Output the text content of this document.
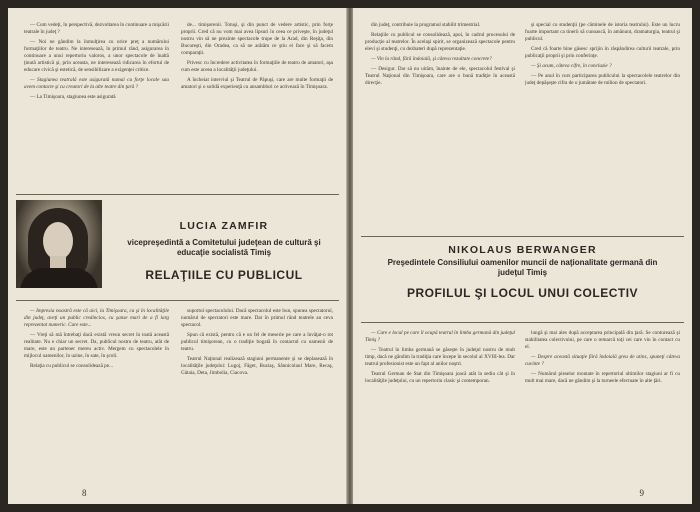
— Cum vedeţi, în perspectivă, dezvoltarea în continuare a mişcării teatrale în judeţ ?

— Noi ne gândim la înmulţirea cu orice preţ a numărului formaţiilor de teatru. Ne interesează, în primul rând, asigurarea în continuare a unui repertoriu valoros, a unor spectacole de înaltă ţinută artistică şi, prin aceasta, ne interesează ridicarea în efortul de educare civică şi estetică, de sensibilizare a exigenţei critice.

— Stagiunea teatrală este asigurată numai cu forţe locale sau avem contacte şi cu creatori de la alte teatre din ţară ?

— La Timişoara, stagiunea este asigurată

de... timişorenii. Totuşi, şi din punct de vedere artistic, prin forţe proprii. Cred că nu vom mai avea lipsuri în ceea ce priveşte, în judeţul nostru vin să ne prezinte spectacole trupe de la Arad, din Reşiţa, din Bucureşti, din Oradea, ca să ne arătăm ce ştiu ei face şi să facem comparaţii.

Privesc cu încredere activitatea în formaţiile de teatru de amatori, aşa cum este aceea a localităţii judeţului.

A încheiat interviul şi Teatrul de Păpuşi, care are multe formaţii de amatori şi o solidă experienţă cu ansambluri ce activează în Timişoara.

LUCIA ZAMFIR
vicepreşedintă a Comitetului judeţean de cultură şi
educaţie socialistă Timiş
RELAŢIILE CU PUBLICUL

— Impresia noastră este că aici, la Timişoara, ca şi în localităţile din judeţ, aveţi un public credincios, cu şanse mari de a fi larg reprezentat numeric. Care este...

— Vreţi să mă întrebaţi dacă există vreun secret în toată această realitate. Nu e chiar un secret. Da, publicul nostru de teatru, atât de mare, este un partener mereu activ. Mergem cu spectacolele în mijlocul oamenilor, în uzine, în sate, în şcoli.

Relaţia cu publicul se consolidează pe...

suportul spectacolului. Dacă spectacolul este bun, spunea spectatorul, numărul de spectatori este mare. Dar în primul rând teatrele au ceva spectacol.

Spun că există, pentru că e un fel de meserie pe care a învăţat-o tot publicul timişorean, cu o tradiţie bogată în contactul cu oamenii de teatru.

Teatrul Naţional realizează stagiuni permanente şi se deplasează în localităţile judeţului: Lugoj, Făget, Buziaş, Sânnicolaul Mare, Recaş, Gătaia, Deta, Jimbolia, Ciacova.

8

din judeţ, contribuie la programul stabilit trimestrial.

Relaţiile cu publicul se consolidează, apoi, în cadrul procesului de producţie al teatrelor. În acelaşi spirit, se organizează spectacole pentru elevi şi studenţi, cu dezbateri după reprezentaţie.

— Vin la rând, fără îndoială, şi câteva rezultate concrete?

— Desigur. Dar să nu uităm, înainte de ele, spectacolul festival şi Teatrul Naţional din Timişoara, care are o bună tradiţie în această direcţie.

şi special cu studenţii (pe căminele de istoria teatrului). Este un lucru foarte important ca tinerii să cunoască, în amănunt, dramaturgia, teatrul şi publicul.

Cred că foarte bine găsesc sprijin în răspândirea culturii teatrale, prin publicaţii proprii şi prin conferinţe.

— Şi acum, câteva cifre, în concluzie ?

— Pe anul în curs participarea publicului la spectacolele teatrelor din judeţ depăşeşte cifra de o jumătate de milion de spectatori.

NIKOLAUS BERWANGER
Preşedintele Consiliului oamenilor muncii de naţionalitate germană din
judeţul Timiş
PROFILUL ŞI LOCUL UNUI COLECTIV

— Care e locul pe care îl ocupă teatrul în limba germană din judeţul Timiş ?

— Teatrul în limba germană se găseşte în judeţul nostru de mult timp, dacă ne gândim la tradiţia care începe în secolul al XVIII-lea. Dar teatrul profesionist este un fapt al anilor noştri.

Teatrul German de Stat din Timişoara joacă atât la sediu cât şi în localităţile judeţului, cu un repertoriu clasic şi contemporan.

lungă şi mai ales după acceptarea principală din ţară. Se conturează şi stabilitatea colectivului, pe care o remarcă toţi cei care vin în contact cu el.

— Despre această situaţie fără îndoială greu de atins, spuneţi câteva cuvinte ?

— Numărul pieselor montate în repertoriul ultimilor stagiuni ar fi cu mult mai mare, dacă ne gândim şi la turneele efectuate în alte ţări.

9
